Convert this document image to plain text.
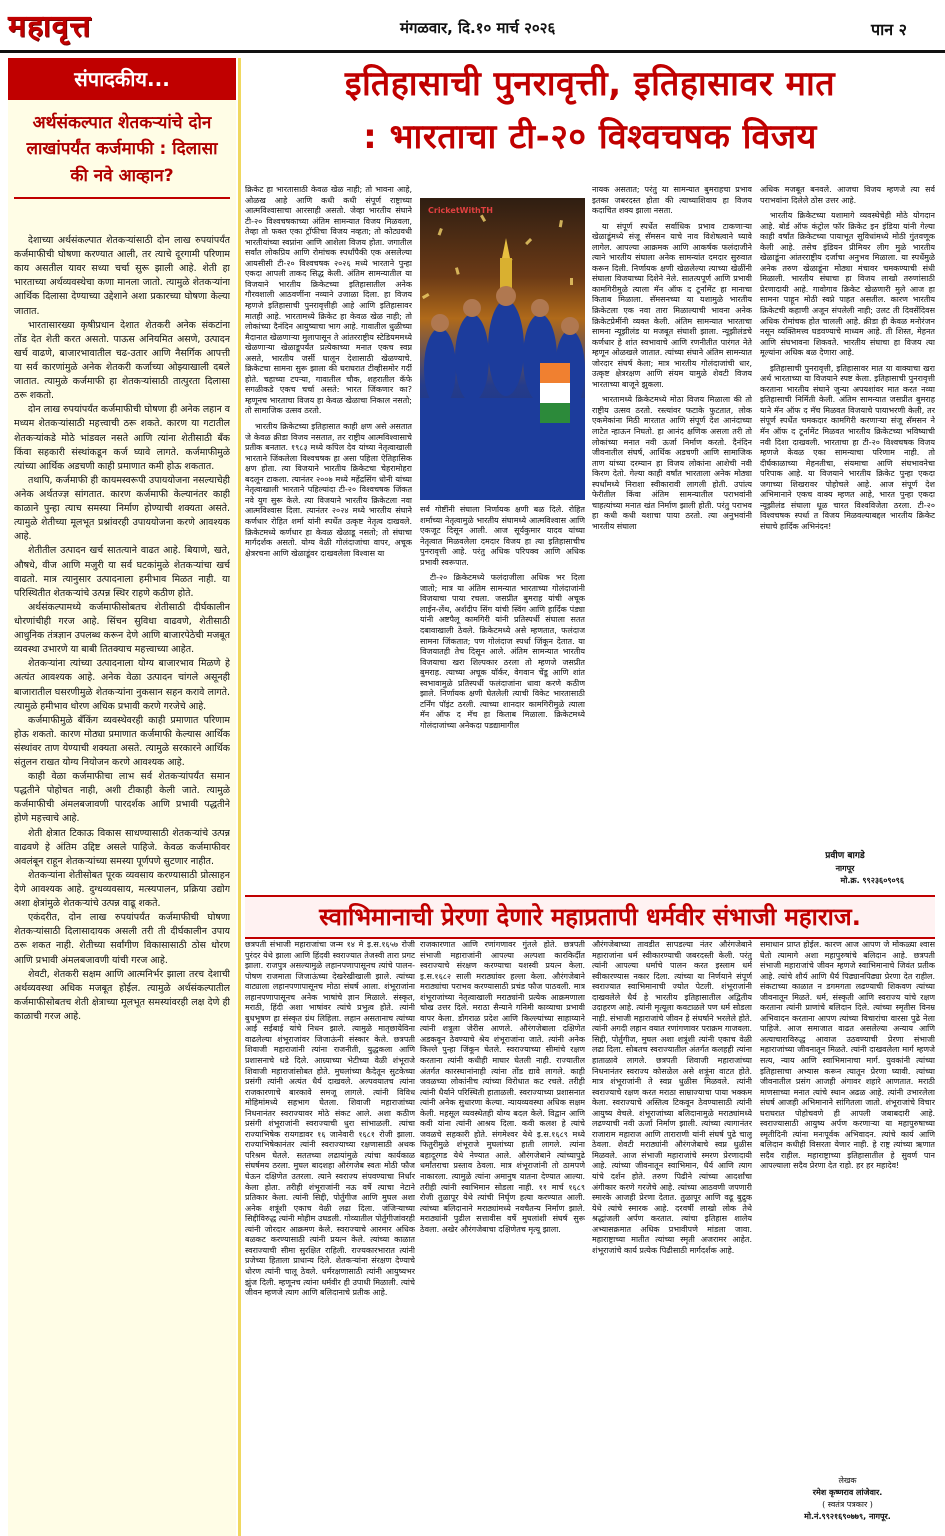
महावृत्त	मंगळवार, दि.१० मार्च २०२६	पान २
संपादकीय...
अर्थसंकल्पात शेतकऱ्यांचे दोन लाखांपर्यंत कर्जमाफी : दिलासा की नवे आव्हान?

देशाच्या अर्थसंकल्पात शेतकऱ्यांसाठी दोन लाख रुपयांपर्यंत कर्जमाफीची घोषणा करण्यात आली, तर त्याचे दूरगामी परिणाम काय असतील यावर सध्या चर्चा सुरू झाली आहे. शेती हा भारताच्या अर्थव्यवस्थेचा कणा मानला जातो. त्यामुळे शेतकऱ्यांना आर्थिक दिलासा देण्याच्या उद्देशाने अशा प्रकारच्या घोषणा केल्या जातात.

भारतासारख्या कृषीप्रधान देशात शेतकरी अनेक संकटांना तोंड देत शेती करत असतो. पाऊस अनियमित असणे, उत्पादन खर्च वाढणे, बाजारभावातील चढ-उतार आणि नैसर्गिक आपत्ती या सर्व कारणांमुळे अनेक शेतकरी कर्जाच्या ओझ्याखाली दबले जातात. त्यामुळे कर्जमाफी हा शेतकऱ्यांसाठी तात्पुरता दिलासा ठरू शकतो.

दोन लाख रुपयांपर्यंत कर्जमाफीची घोषणा ही अनेक लहान व मध्यम शेतकऱ्यांसाठी महत्त्वाची ठरू शकते. कारण या गटातील शेतकऱ्यांकडे मोठे भांडवल नसते आणि त्यांना शेतीसाठी बँक किंवा सहकारी संस्थांकडून कर्ज घ्यावे लागते. कर्जमाफीमुळे त्यांच्या आर्थिक अडचणी काही प्रमाणात कमी होऊ शकतात.

तथापि, कर्जमाफी ही कायमस्वरूपी उपाययोजना नसल्याचेही अनेक अर्थतज्ज्ञ सांगतात. कारण कर्जमाफी केल्यानंतर काही काळाने पुन्हा त्याच समस्या निर्माण होण्याची शक्यता असते. त्यामुळे शेतीच्या मूलभूत प्रश्नांवरही उपाययोजना करणे आवश्यक आहे.

शेतीतील उत्पादन खर्च सातत्याने वाढत आहे. बियाणे, खते, औषधे, वीज आणि मजुरी या सर्व घटकांमुळे शेतकऱ्यांचा खर्च वाढतो. मात्र त्यानुसार उत्पादनाला हमीभाव मिळत नाही. या परिस्थितीत शेतकऱ्यांचे उत्पन्न स्थिर राहणे कठीण होते.

अर्थसंकल्पामध्ये कर्जमाफीसोबतच शेतीसाठी दीर्घकालीन धोरणांचीही गरज आहे. सिंचन सुविधा वाढवणे, शेतीसाठी आधुनिक तंत्रज्ञान उपलब्ध करून देणे आणि बाजारपेठेची मजबूत व्यवस्था उभारणे या बाबी तितक्याच महत्त्वाच्या आहेत.

शेतकऱ्यांना त्यांच्या उत्पादनाला योग्य बाजारभाव मिळणे हे अत्यंत आवश्यक आहे. अनेक वेळा उत्पादन चांगले असूनही बाजारातील घसरणीमुळे शेतकऱ्यांना नुकसान सहन करावे लागते. त्यामुळे हमीभाव धोरण अधिक प्रभावी करणे गरजेचे आहे.

कर्जमाफीमुळे बँकिंग व्यवस्थेवरही काही प्रमाणात परिणाम होऊ शकतो. कारण मोठ्या प्रमाणात कर्जमाफी केल्यास आर्थिक संस्थांवर ताण येण्याची शक्यता असते. त्यामुळे सरकारने आर्थिक संतुलन राखत योग्य नियोजन करणे आवश्यक आहे.

काही वेळा कर्जमाफीचा लाभ सर्व शेतकऱ्यांपर्यंत समान पद्धतीने पोहोचत नाही, अशी टीकाही केली जाते. त्यामुळे कर्जमाफीची अंमलबजावणी पारदर्शक आणि प्रभावी पद्धतीने होणे महत्त्वाचे आहे.

शेती क्षेत्रात टिकाऊ विकास साधण्यासाठी शेतकऱ्यांचे उत्पन्न वाढवणे हे अंतिम उद्दिष्ट असले पाहिजे. केवळ कर्जमाफीवर अवलंबून राहून शेतकऱ्यांच्या समस्या पूर्णपणे सुटणार नाहीत.

शेतकऱ्यांना शेतीसोबत पूरक व्यवसाय करण्यासाठी प्रोत्साहन देणे आवश्यक आहे. दुग्धव्यवसाय, मत्स्यपालन, प्रक्रिया उद्योग अशा क्षेत्रांमुळे शेतकऱ्यांचे उत्पन्न वाढू शकते.

एकंदरीत, दोन लाख रुपयांपर्यंत कर्जमाफीची घोषणा शेतकऱ्यांसाठी दिलासादायक असली तरी ती दीर्घकालीन उपाय ठरू शकत नाही. शेतीच्या सर्वांगीण विकासासाठी ठोस धोरण आणि प्रभावी अंमलबजावणी यांची गरज आहे.

शेवटी, शेतकरी सक्षम आणि आत्मनिर्भर झाला तरच देशाची अर्थव्यवस्था अधिक मजबूत होईल. त्यामुळे अर्थसंकल्पातील कर्जमाफीसोबतच शेती क्षेत्राच्या मूलभूत समस्यांवरही लक्ष देणे ही काळाची गरज आहे.

इतिहासाची पुनरावृत्ती, इतिहासावर मात
: भारताचा टी-२० विश्वचषक विजय

क्रिकेट हा भारतासाठी केवळ खेळ नाही; तो भावना आहे, ओळख आहे आणि कधी कधी संपूर्ण राष्ट्राच्या आत्मविश्वासाचा आरसाही असतो. जेव्हा भारतीय संघाने टी-२० विश्वचषकाच्या अंतिम सामन्यात विजय मिळवला, तेव्हा तो फक्त एका ट्रॉफीचा विजय नव्हता; तो कोट्यवधी भारतीयांच्या स्वप्नांना आणि आशेला विजय होता. जगातील सर्वांत लोकप्रिय आणि रोमांचक स्पर्धांपैकी एक असलेल्या आयसीसी टी-२० विश्वचषक २०२६ मध्ये भारताने पुन्हा एकदा आपली ताकद सिद्ध केली. अंतिम सामन्यातील या विजयाने भारतीय क्रिकेटच्या इतिहासातील अनेक गौरवशाली आठवणींना नव्याने उजाळा दिला. हा विजय म्हणजे इतिहासाची पुनरावृत्तीही आहे आणि इतिहासावर मातही आहे. भारतामध्ये क्रिकेट हा केवळ खेळ नाही; तो लोकांच्या दैनंदिन आयुष्याचा भाग आहे. गावातील धुळीच्या मैदानात खेळणाऱ्या मुलापासून ते आंतरराष्ट्रीय स्टेडियममध्ये खेळणाऱ्या खेळाडूपर्यंत प्रत्येकाच्या मनात एकच स्वप्न असते, भारतीय जर्सी घालून देशासाठी खेळण्याचे. क्रिकेटचा सामना सुरू झाला की घराघरात टीव्हीसमोर गर्दी होते. चहाच्या टपऱ्या, गावातील चौक, शहरातील कॅफे सगळीकडे एकच चर्चा असते: भारत जिंकणार का? म्हणूनच भारताचा विजय हा केवळ खेळाचा निकाल नसतो; तो सामाजिक उत्सव ठरतो.

भारतीय क्रिकेटच्या इतिहासात काही क्षण असे असतात जे केवळ क्रीडा विजय नसतात, तर राष्ट्रीय आत्मविश्वासाचे प्रतीक बनतात. १९८३ मध्ये कपिल देव यांच्या नेतृत्वाखाली भारताने जिंकलेला विश्वचषक हा असा पहिला ऐतिहासिक क्षण होता. त्या विजयाने भारतीय क्रिकेटचा चेहरामोहरा बदलून टाकला. त्यानंतर २००७ मध्ये महेंद्रसिंग धोनी यांच्या नेतृत्वाखाली भारताने पहिल्यांदा टी-२० विश्वचषक जिंकत नवे युग सुरू केले. त्या विजयाने भारतीय क्रिकेटला नवा आत्मविश्वास दिला. त्यानंतर २०२४ मध्ये भारतीय संघाने कर्णधार रोहित शर्मा यांनी स्पर्धेत उत्कृष्ट नेतृत्व दाखवले. क्रिकेटमध्ये कर्णधार हा केवळ खेळाडू नसतो; तो संघाचा मार्गदर्शक असतो. योग्य वेळी गोलंदाजांचा वापर, अचूक क्षेत्ररचना आणि खेळाडूंवर दाखवलेला विश्वास या

CricketWithTH

सर्व गोष्टींनी संघाला निर्णायक क्षणी बळ दिले. रोहित शर्माच्या नेतृत्वामुळे भारतीय संघामध्ये आत्मविश्वास आणि एकजूट दिसून आली. आज सूर्यकुमार यादव यांच्या नेतृत्वात मिळवलेला दमदार विजय हा त्या इतिहासाचीच पुनरावृत्ती आहे. परंतु अधिक परिपक्व आणि अधिक प्रभावी स्वरूपात.

टी-२० क्रिकेटमध्ये फलंदाजीला अधिक भर दिला जातो; मात्र या अंतिम सामन्यात भारताच्या गोलंदाजांनी विजयाचा पाया रचला. जसप्रीत बुमराह यांची अचूक लाईन-लेंथ, अर्शदीप सिंग यांची स्विंग आणि हार्दिक पंड्या यांनी अष्टपैलू कामगिरी यांनी प्रतिस्पर्धी संघाला सतत दबावाखाली ठेवले. क्रिकेटमध्ये असे म्हणतात, फलंदाज सामना जिंकतात; पण गोलंदाज स्पर्धा जिंकून देतात. या विजयातही तेच दिसून आले. अंतिम सामन्यात भारतीय विजयाचा खरा शिल्पकार ठरला तो म्हणजे जसप्रीत बुमराह. त्याच्या अचूक यॉर्कर, वेगवान चेंडू आणि शांत स्वभावामुळे प्रतिस्पर्धी फलंदाजांना धावा करणे कठीण झाले. निर्णायक क्षणी घेतलेली त्याची विकेट भारतासाठी टर्निंग पॉइंट ठरली. त्याच्या शानदार कामगिरीमुळे त्याला मॅन ऑफ द मॅच हा किताब मिळाला. क्रिकेटमध्ये गोलंदाजांच्या अनेकदा पडद्यामागील

नायक असतात; परंतु या सामन्यात बुमराहचा प्रभाव इतका जबरदस्त होता की त्याच्याशिवाय हा विजय कदाचित शक्य झाला नसता.

या संपूर्ण स्पर्धेत सर्वाधिक प्रभाव टाकणाऱ्या खेळाडूंमध्ये संजू सॅमसन याचे नाव विशेषत्वाने घ्यावे लागेल. आपल्या आक्रमक आणि आकर्षक फलंदाजीने त्याने भारतीय संघाला अनेक सामन्यांत दमदार सुरुवात करून दिली. निर्णायक क्षणी खेळलेल्या त्याच्या खेळींनी संघाला विजयाच्या दिशेने नेले. सातत्यपूर्ण आणि प्रभावी कामगिरीमुळे त्याला मॅन ऑफ द टूर्नामेंट हा मानाचा किताब मिळाला. सॅमसनच्या या यशामुळे भारतीय क्रिकेटला एक नवा तारा मिळाल्याची भावना अनेक क्रिकेटप्रेमींनी व्यक्त केली. अंतिम सामन्यात भारताचा सामना न्यूझीलंड या मजबूत संघाशी झाला. न्यूझीलंडचे कर्णधार हे शांत स्वभावाचे आणि रणनीतीत पारंगत नेते म्हणून ओळखले जातात. त्यांच्या संघाने अंतिम सामन्यात जोरदार संघर्ष केला; मात्र भारतीय गोलंदाजांची धार, उत्कृष्ट क्षेत्ररक्षण आणि संयम यामुळे शेवटी विजय भारताच्या बाजूने झुकला.

भारतामध्ये क्रिकेटमध्ये मोठा विजय मिळाला की तो राष्ट्रीय उत्सव ठरतो. रस्त्यांवर फटाके फुटतात, लोक एकमेकांना मिठी मारतात आणि संपूर्ण देश आनंदाच्या लाटेत न्हाऊन निघतो. हा आनंद क्षणिक असला तरी तो लोकांच्या मनात नवी ऊर्जा निर्माण करतो. दैनंदिन जीवनातील संघर्ष, आर्थिक अडचणी आणि सामाजिक ताण यांच्या दरम्यान हा विजय लोकांना आशेची नवी किरण देतो. गेल्या काही वर्षांत भारताला अनेक मोठ्या स्पर्धांमध्ये निराशा स्वीकारावी लागली होती. उपांत्य फेरीतील किंवा अंतिम सामन्यातील पराभवांनी चाहत्यांच्या मनात खंत निर्माण झाली होती. परंतु पराभव हा कधी कधी यशाचा पाया ठरतो. त्या अनुभवांनी भारतीय संघाला

अधिक मजबूत बनवले. आजचा विजय म्हणजे त्या सर्व पराभवांना दिलेले ठोस उत्तर आहे.

भारतीय क्रिकेटच्या यशामागे व्यवस्थेचेही मोठे योगदान आहे. बोर्ड ऑफ कंट्रोल फॉर क्रिकेट इन इंडिया यांनी गेल्या काही वर्षांत क्रिकेटच्या पायाभूत सुविधांमध्ये मोठी गुंतवणूक केली आहे. तसेच इंडियन प्रीमियर लीग मुळे भारतीय खेळाडूंना आंतरराष्ट्रीय दर्जाचा अनुभव मिळाला. या स्पर्धेमुळे अनेक तरुण खेळाडूंना मोठ्या मंचावर चमकण्याची संधी मिळाली. भारतीय संघाचा हा विजय लाखो तरुणांसाठी प्रेरणादायी आहे. गावोगाव क्रिकेट खेळणारी मुले आज हा सामना पाहून मोठी स्वप्ने पाहत असतील. कारण भारतीय क्रिकेटची कहाणी अजून संपलेली नाही; उलट ती दिवसेंदिवस अधिक रोमांचक होत चालली आहे. क्रीडा ही केवळ मनोरंजन नसून व्यक्तिमत्त्व घडवण्याचे माध्यम आहे. ती शिस्त, मेहनत आणि संघभावना शिकवते. भारतीय संघाचा हा विजय त्या मूल्यांना अधिक बळ देणारा आहे.

इतिहासाची पुनरावृत्ती, इतिहासावर मात या वाक्याचा खरा अर्थ भारताच्या या विजयाने स्पष्ट केला. इतिहासाची पुनरावृत्ती करताना भारतीय संघाने जुन्या अपयशांवर मात करत नव्या इतिहासाची निर्मिती केली. अंतिम सामन्यात जसप्रीत बुमराह याने मॅन ऑफ द मॅच मिळवत विजयाचे पायाभरणी केली, तर संपूर्ण स्पर्धेत चमकदार कामगिरी करणाऱ्या संजू सॅमसन ने मॅन ऑफ द टूर्नामेंट मिळवत भारतीय क्रिकेटच्या भविष्याची नवी दिशा दाखवली. भारताचा हा टी-२० विश्वचषक विजय म्हणजे केवळ एका सामन्याचा परिणाम नाही. तो दीर्घकाळाच्या मेहनतीचा, संयमाचा आणि संघभावनेचा परिपाक आहे. या विजयाने भारतीय क्रिकेट पुन्हा एकदा जगाच्या शिखरावर पोहोचले आहे. आज संपूर्ण देश अभिमानाने एकच वाक्य म्हणत आहे, भारत पुन्हा एकदा न्यूझीलंड संघाला धूळ चारत विश्वविजेता ठरला. टी-२० विश्वचषक स्पर्धा त विजय मिळवल्याबद्दल भारतीय क्रिकेट संघाचे हार्दिक अभिनंदन!

प्रवीण बागडे
नागपूर
मो.क्र. ९९२३६०९०९६
स्वाभिमानाची प्रेरणा देणारे महाप्रतापी धर्मवीर संभाजी महाराज.

छत्रपती संभाजी महाराजांचा जन्म १४ मे इ.स.१६५७ रोजी पुरंदर येथे झाला आणि हिंदवी स्वराज्यात तेजस्वी तारा प्रगट झाला. राजपुत्र असल्यामुळे लहानपणापासूनच त्यांचे पालन-पोषण राजमाता जिजाऊंच्या देखरेखीखाली झाले. त्यांच्या वाट्याला लहानपणापासूनच मोठा संघर्ष आला. शंभूराजांना लहानपणापासूनच अनेक भाषांचे ज्ञान मिळाले. संस्कृत, मराठी, हिंदी अशा भाषांवर त्यांचे प्रभुत्व होते. त्यांनी बुधभूषण हा संस्कृत ग्रंथ लिहिला. लहान असतानाच त्यांच्या आई सईबाई यांचे निधन झाले. त्यामुळे मातृछायेविना वाढलेल्या शंभूराजांवर जिजाऊंनी संस्कार केले. छत्रपती शिवाजी महाराजांनी त्यांना राजनीती, युद्धकला आणि प्रशासनाचे धडे दिले. आग्र्याच्या भेटीच्या वेळी शंभूराजे शिवाजी महाराजांसोबत होते. मुघलांच्या कैदेतून सुटकेच्या प्रसंगी त्यांनी अत्यंत धैर्य दाखवले. अल्पवयातच त्यांना राजकारणाचे बारकावे समजू लागले. त्यांनी विविध मोहिमांमध्ये सहभाग घेतला. शिवाजी महाराजांच्या निधनानंतर स्वराज्यावर मोठे संकट आले. अशा कठीण प्रसंगी शंभूराजांनी स्वराज्याची धुरा सांभाळली. त्यांचा राज्याभिषेक रायगडावर १६ जानेवारी १६८१ रोजी झाला. राज्याभिषेकानंतर त्यांनी स्वराज्याच्या रक्षणासाठी अथक परिश्रम घेतले. सततच्या लढायांमुळे त्यांचा कार्यकाळ संघर्षमय ठरला. मुघल बादशहा औरंगजेब स्वतः मोठी फौज घेऊन दक्षिणेत उतरला. त्याने स्वराज्य संपवण्याचा निर्धार केला होता. तरीही शंभूराजांनी नऊ वर्षे त्याचा नेटाने प्रतिकार केला. त्यांनी सिद्दी, पोर्तुगीज आणि मुघल अशा अनेक शत्रूंशी एकाच वेळी लढा दिला. जंजिऱ्याच्या सिद्दीविरुद्ध त्यांनी मोहीम उघडली. गोव्यातील पोर्तुगीजांवरही त्यांनी जोरदार आक्रमण केले. स्वराज्याचे आरमार अधिक बळकट करण्यासाठी त्यांनी प्रयत्न केले. त्यांच्या काळात स्वराज्याची सीमा सुरक्षित राहिली. राज्यकारभारात त्यांनी प्रजेच्या हिताला प्राधान्य दिले. शेतकऱ्यांना संरक्षण देण्याचे धोरण त्यांनी चालू ठेवले. धर्मरक्षणासाठी त्यांनी आयुष्यभर झुंज दिली. म्हणूनच त्यांना धर्मवीर ही उपाधी मिळाली. त्यांचे जीवन म्हणजे त्याग आणि बलिदानाचे प्रतीक आहे.

राजकारणात आणि रणांगणावर गुंतले होते. छत्रपती संभाजी महाराजांनी आपल्या अल्पशा कारकिर्दीत स्वराज्याचे संरक्षण करण्याचा यशस्वी प्रयत्न केला. इ.स.१६८२ साली मराठ्यांवर हल्ला केला. औरंगजेबाने मराठ्यांचा पराभव करण्यासाठी प्रचंड फौज पाठवली. मात्र शंभूराजांच्या नेतृत्वाखाली मराठ्यांनी प्रत्येक आक्रमणाला चोख उत्तर दिले. मराठा सैन्याने गनिमी काव्याचा प्रभावी वापर केला. डोंगराळ प्रदेश आणि किल्ल्यांच्या साहाय्याने त्यांनी शत्रूला जेरीस आणले. औरंगजेबाला दक्षिणेत अडकवून ठेवण्याचे श्रेय शंभूराजांना जाते. त्यांनी अनेक किल्ले पुन्हा जिंकून घेतले. स्वराज्याच्या सीमांचे रक्षण करताना त्यांनी कधीही माघार घेतली नाही. राज्यातील अंतर्गत कारस्थानांनाही त्यांना तोंड द्यावे लागले. काही जवळच्या लोकांनीच त्यांच्या विरोधात कट रचले. तरीही त्यांनी धैर्याने परिस्थिती हाताळली. स्वराज्याच्या प्रशासनात त्यांनी अनेक सुधारणा केल्या. न्यायव्यवस्था अधिक सक्षम केली. महसूल व्यवस्थेतही योग्य बदल केले. विद्वान आणि कवी यांना त्यांनी आश्रय दिला. कवी कलश हे त्यांचे जवळचे सहकारी होते. संगमेश्वर येथे इ.स.१६८९ मध्ये फितुरीमुळे शंभूराजे मुघलांच्या हाती लागले. त्यांना बहादूरगड येथे नेण्यात आले. औरंगजेबाने त्यांच्यापुढे धर्मांतराचा प्रस्ताव ठेवला. मात्र शंभूराजांनी तो ठामपणे नाकारला. त्यामुळे त्यांना अमानुष यातना देण्यात आल्या. तरीही त्यांनी स्वाभिमान सोडला नाही. ११ मार्च १६८९ रोजी तुळापूर येथे त्यांची निर्घृण हत्या करण्यात आली. त्यांच्या बलिदानाने मराठ्यांमध्ये नवचैतन्य निर्माण झाले. मराठ्यांनी पुढील सत्तावीस वर्षे मुघलांशी संघर्ष सुरू ठेवला. अखेर औरंगजेबाचा दक्षिणेतच मृत्यू झाला.

औरंगजेबाच्या तावडीत सापडल्या नंतर औरंगजेबाने महाराजांना धर्म स्वीकारण्याची जबरदस्ती केली. परंतु त्यांनी आपल्या धर्माचे पालन करत इस्लाम धर्म स्वीकारण्यास नकार दिला. त्यांच्या या निर्णयाने संपूर्ण स्वराज्यात स्वाभिमानाची ज्योत पेटली. शंभूराजांनी दाखवलेले धैर्य हे भारतीय इतिहासातील अद्वितीय उदाहरण आहे. त्यांनी मृत्यूला कवटाळले पण धर्म सोडला नाही. संभाजी महाराजांचे जीवन हे संघर्षाने भरलेले होते. त्यांनी अगदी लहान वयात रणांगणावर पराक्रम गाजवला. सिद्दी, पोर्तुगीज, मुघल अशा शत्रूंशी त्यांनी एकाच वेळी लढा दिला. सोबतच स्वराज्यातील अंतर्गत कलहही त्यांना हाताळावे लागले. छत्रपती शिवाजी महाराजांच्या निधनानंतर स्वराज्य कोसळेल असे शत्रूंना वाटत होते. मात्र शंभूराजांनी ते स्वप्न धुळीस मिळवले. त्यांनी स्वराज्याचे रक्षण करत मराठा साम्राज्याचा पाया भक्कम केला. स्वराज्याचे अस्तित्व टिकवून ठेवण्यासाठी त्यांनी आयुष्य वेचले. शंभूराजांच्या बलिदानामुळे मराठ्यांमध्ये लढण्याची नवी ऊर्जा निर्माण झाली. त्यांच्या त्यागानंतर राजाराम महाराज आणि ताराराणी यांनी संघर्ष पुढे चालू ठेवला. शेवटी मराठ्यांनी औरंगजेबाचे स्वप्न धुळीस मिळवले. आज संभाजी महाराजांचे स्मरण प्रेरणादायी आहे. त्यांच्या जीवनातून स्वाभिमान, धैर्य आणि त्याग यांचे दर्शन होते. तरुण पिढीने त्यांच्या आदर्शांचा अंगीकार करणे गरजेचे आहे. त्यांच्या आठवणी जपणारी स्मारके आजही प्रेरणा देतात. तुळापूर आणि वढू बुद्रुक येथे त्यांचे स्मारक आहे. दरवर्षी लाखो लोक तेथे श्रद्धांजली अर्पण करतात. त्यांचा इतिहास शालेय अभ्यासक्रमात अधिक प्रभावीपणे मांडला जावा. महाराष्ट्राच्या मातीत त्यांच्या स्मृती अजरामर आहेत. शंभूराजांचे कार्य प्रत्येक पिढीसाठी मार्गदर्शक आहे.

समाधान प्राप्त होईल. कारण आज आपण जे मोकळ्या श्वास घेतो त्यामागे अशा महापुरुषांचे बलिदान आहे. छत्रपती संभाजी महाराजांचे जीवन म्हणजे स्वाभिमानाचे जिवंत प्रतीक आहे. त्यांचे शौर्य आणि धैर्य पिढ्यानपिढ्या प्रेरणा देत राहील. संकटाच्या काळात न डगमगता लढण्याची शिकवण त्यांच्या जीवनातून मिळते. धर्म, संस्कृती आणि स्वराज्य यांचे रक्षण करताना त्यांनी प्राणांचे बलिदान दिले. त्यांच्या स्मृतीस विनम्र अभिवादन करताना आपण त्यांच्या विचारांचा वारसा पुढे नेला पाहिजे. आज समाजात वाढत असलेल्या अन्याय आणि अत्याचाराविरुद्ध आवाज उठवण्याची प्रेरणा संभाजी महाराजांच्या जीवनातून मिळते. त्यांनी दाखवलेला मार्ग म्हणजे सत्य, न्याय आणि स्वाभिमानाचा मार्ग. युवकांनी त्यांच्या इतिहासाचा अभ्यास करून त्यातून प्रेरणा घ्यावी. त्यांच्या जीवनातील प्रसंग आजही अंगावर शहारे आणतात. मराठी माणसाच्या मनात त्यांचे स्थान अढळ आहे. त्यांनी उभारलेला संघर्ष आजही अभिमानाने सांगितला जातो. शंभूराजांचे विचार घराघरात पोहोचवणे ही आपली जबाबदारी आहे. स्वराज्यासाठी आयुष्य अर्पण करणाऱ्या या महापुरुषाच्या स्मृतीदिनी त्यांना मनःपूर्वक अभिवादन. त्यांचे कार्य आणि बलिदान कधीही विसरता येणार नाही. हे राष्ट्र त्यांच्या ऋणात सदैव राहील. महाराष्ट्राच्या इतिहासातील हे सुवर्ण पान आपल्याला सदैव प्रेरणा देत राहो. हर हर महादेव!

लेखक
रमेश कृष्णराव लांजेवार.
( स्वतंत्र पत्रकार )
मो.नं.९९२१६९०७७९, नागपूर.
